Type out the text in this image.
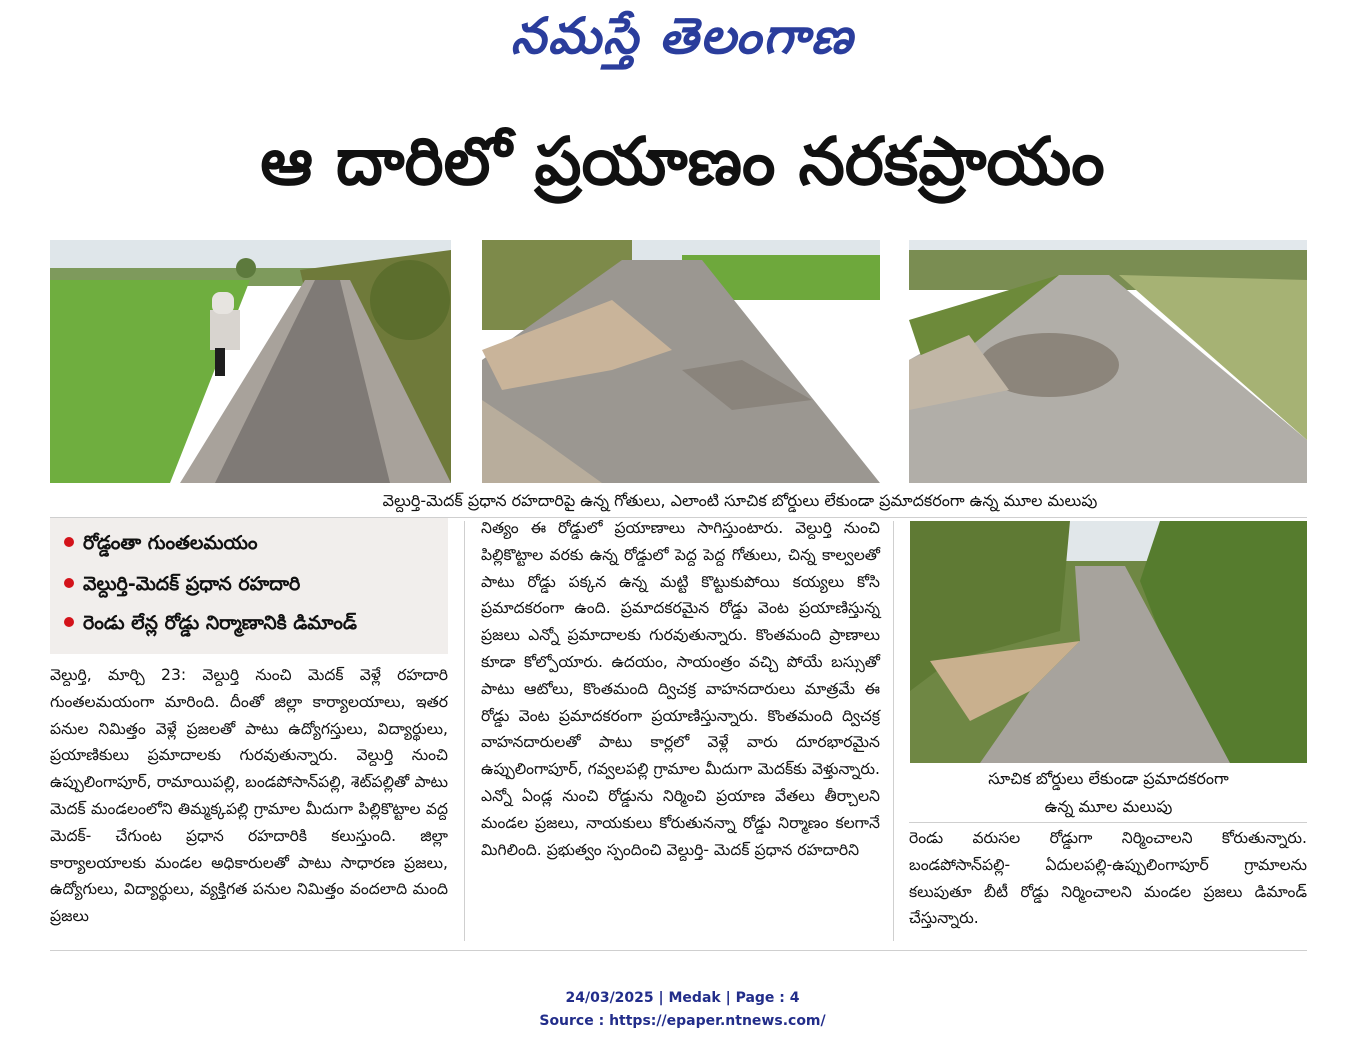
నమస్తే తెలంగాణ
ఆ దారిలో ప్రయాణం నరకప్రాయం
వెల్దుర్తి-మెదక్ ప్రధాన రహదారిపై ఉన్న గోతులు, ఎలాంటి సూచిక బోర్డులు లేకుండా ప్రమాదకరంగా ఉన్న మూల మలుపు
రోడ్డంతా గుంతలమయం
వెల్దుర్తి-మెదక్ ప్రధాన రహదారి
రెండు లేన్ల రోడ్డు నిర్మాణానికి డిమాండ్
వెల్దుర్తి, మార్చి 23: వెల్దుర్తి నుంచి మెదక్ వెళ్లే రహదారి గుంతలమయంగా మారింది. దీంతో జిల్లా కార్యాలయాలు, ఇతర పనుల నిమిత్తం వెళ్లే ప్రజలతో పాటు ఉద్యోగస్తులు, విద్యార్థులు, ప్రయాణికులు ప్రమాదాలకు గురవుతున్నారు. వెల్దుర్తి నుంచి ఉప్పులింగాపూర్, రామాయిపల్లి, బండపోసాన్‌పల్లి, శెట్‌పల్లితో పాటు మెదక్ మండలంలోని తిమ్మక్కపల్లి గ్రామాల మీదుగా పిల్లికొట్టాల వద్ద మెదక్- చేగుంట ప్రధాన రహదారికి కలుస్తుంది. జిల్లా కార్యాలయాలకు మండల అధికారులతో పాటు సాధారణ ప్రజలు, ఉద్యోగులు, విద్యార్థులు, వ్యక్తిగత పనుల నిమిత్తం వందలాది మంది ప్రజలు
నిత్యం ఈ రోడ్డులో ప్రయాణాలు సాగిస్తుంటారు. వెల్దుర్తి నుంచి పిల్లికొట్టాల వరకు ఉన్న రోడ్డులో పెద్ద పెద్ద గోతులు, చిన్న కాల్వలతో పాటు రోడ్డు పక్కన ఉన్న మట్టి కొట్టుకుపోయి కయ్యలు కోసి ప్రమాదకరంగా ఉంది. ప్రమాదకరమైన రోడ్డు వెంట ప్రయాణిస్తున్న ప్రజలు ఎన్నో ప్రమాదాలకు గురవుతున్నారు. కొంతమంది ప్రాణాలు కూడా కోల్పోయారు. ఉదయం, సాయంత్రం వచ్చి పోయే బస్సుతో పాటు ఆటోలు, కొంతమంది ద్విచక్ర వాహనదారులు మాత్రమే ఈ రోడ్డు వెంట ప్రమాదకరంగా ప్రయాణిస్తున్నారు. కొంతమంది ద్విచక్ర వాహనదారులతో పాటు కార్లలో వెళ్లే వారు దూరభారమైన ఉప్పులింగాపూర్, గవ్వలపల్లి గ్రామాల మీదుగా మెదక్‌కు వెళ్తున్నారు. ఎన్నో ఏండ్ల నుంచి రోడ్డును నిర్మించి ప్రయాణ వేతలు తీర్చాలని మండల ప్రజలు, నాయకులు కోరుతునన్నా రోడ్డు నిర్మాణం కలగానే మిగిలింది. ప్రభుత్వం స్పందించి వెల్దుర్తి- మెదక్ ప్రధాన రహదారిని
సూచిక బోర్డులు లేకుండా ప్రమాదకరంగా
ఉన్న మూల మలుపు
రెండు వరుసల రోడ్డుగా నిర్మించాలని కోరుతున్నారు. బండపోసాన్‌పల్లి- ఏదులపల్లి-ఉప్పులింగాపూర్ గ్రామాలను కలుపుతూ బీటీ రోడ్డు నిర్మించాలని మండల ప్రజలు డిమాండ్ చేస్తున్నారు.
24/03/2025 | Medak | Page : 4
Source : https://epaper.ntnews.com/
